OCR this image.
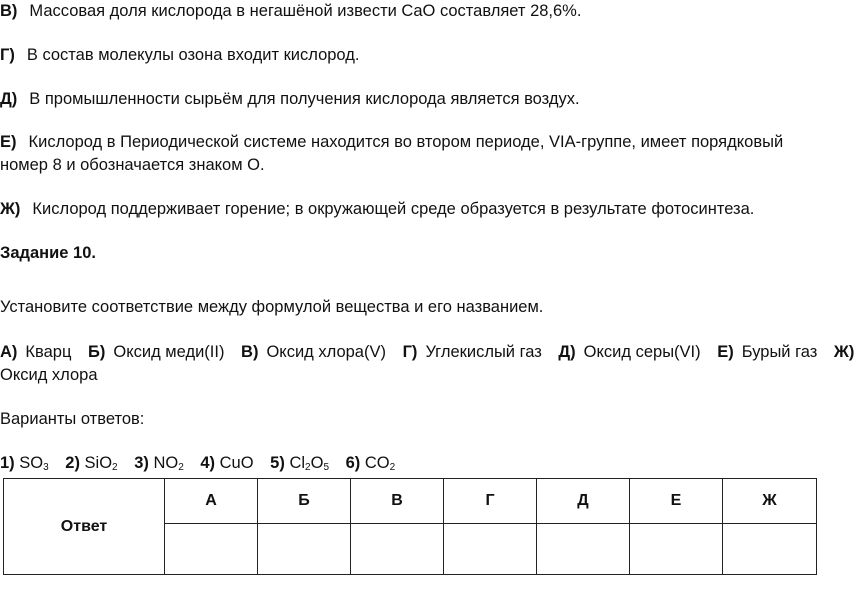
В) Массовая доля кислорода в негашёной извести CaO составляет 28,6%.
Г) В состав молекулы озона входит кислород.
Д) В промышленности сырьём для получения кислорода является воздух.
Е) Кислород в Периодической системе находится во втором периоде, VIA-группе, имеет порядковый
номер 8 и обозначается знаком O.
Ж) Кислород поддерживает горение; в окружающей среде образуется в результате фотосинтеза.
Задание 10.
Установите соответствие между формулой вещества и его названием.
А) Кварц Б) Оксид меди(II) В) Оксид хлора(V) Г) Углекислый газ Д) Оксид серы(VI) Е) Бурый газ Ж)
Оксид хлора
Варианты ответов:
1) $SO_3$ 2) SiO$_2$ 3) $NO_2$ 4) CuO 5) $Cl_2O_5$ 6) $CO_2$
Ответ	А	Б	В	Г	Д	Е	Ж
